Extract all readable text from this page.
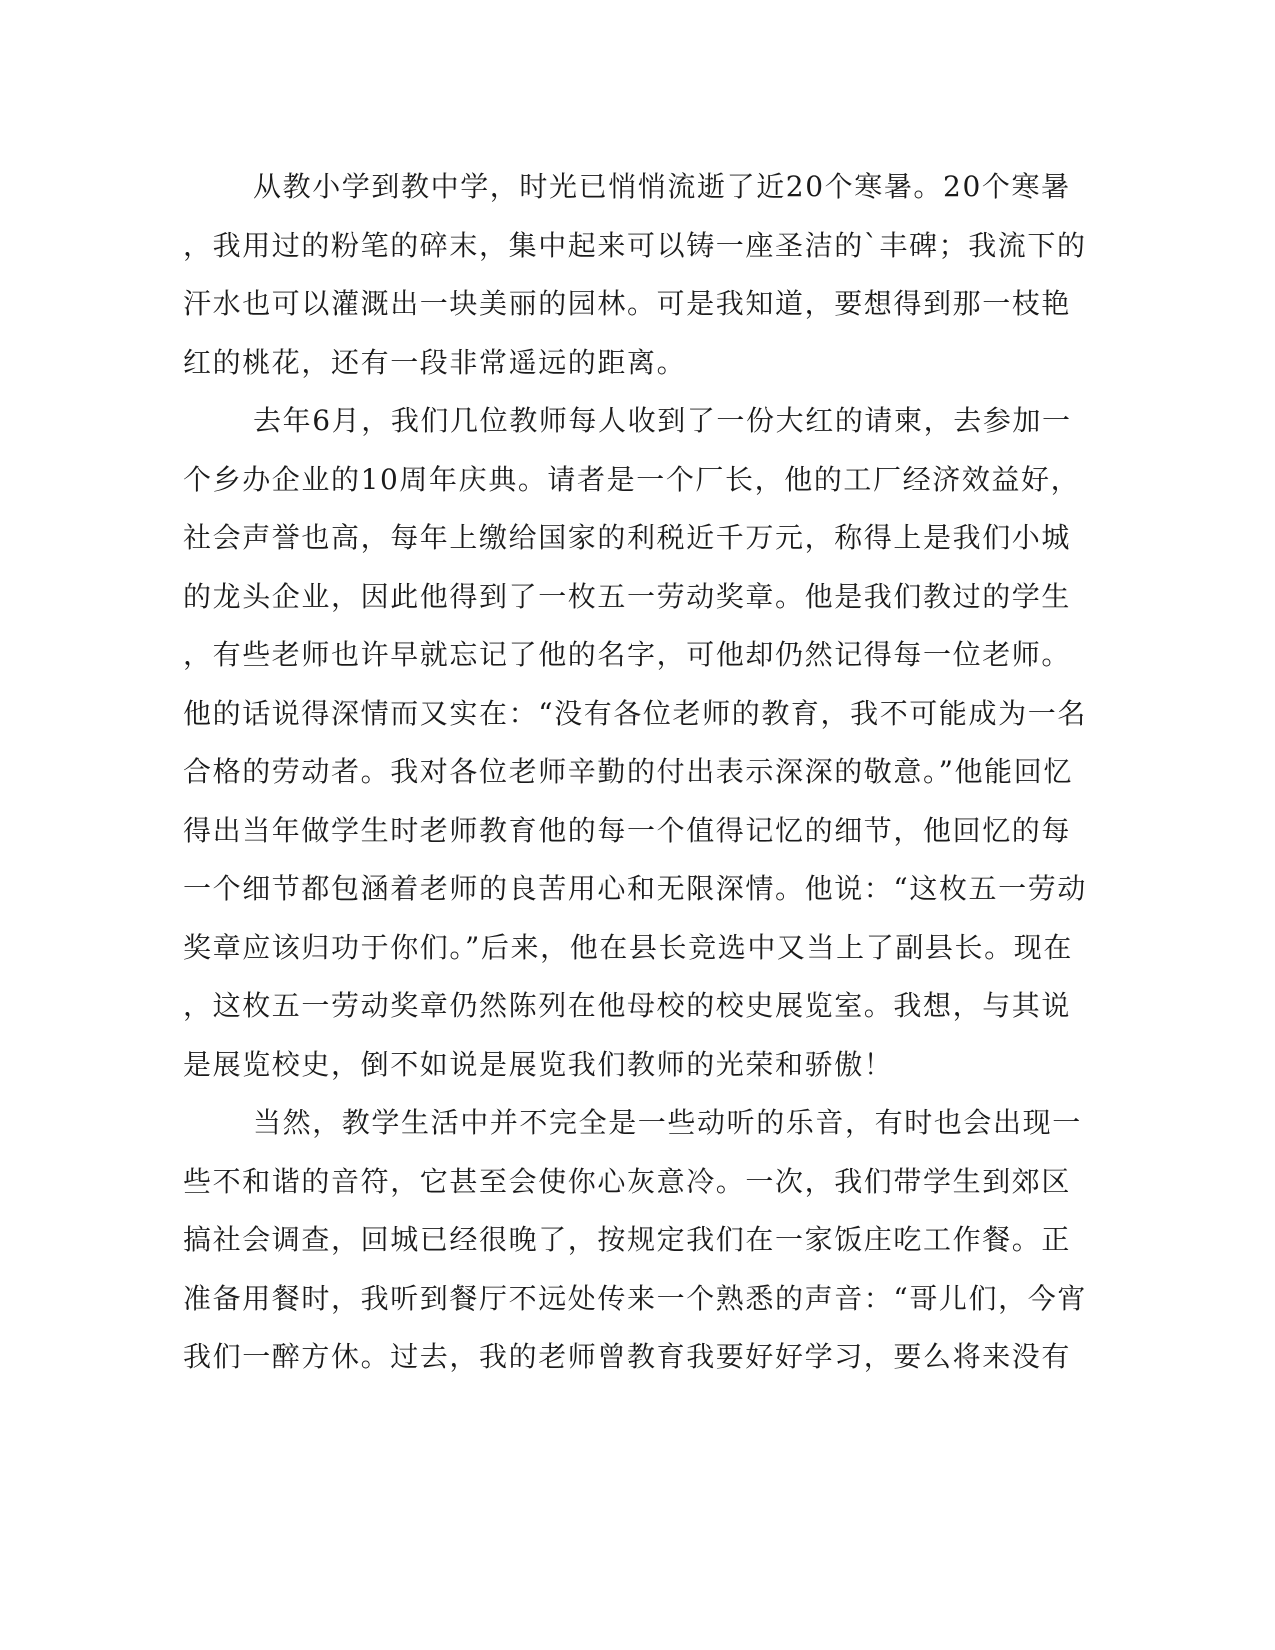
从教小学到教中学，时光已悄悄流逝了近20个寒暑。20个寒暑
，我用过的粉笔的碎末，集中起来可以铸一座圣洁的`丰碑；我流下的
汗水也可以灌溉出一块美丽的园林。可是我知道，要想得到那一枝艳
红的桃花，还有一段非常遥远的距离。
去年6月，我们几位教师每人收到了一份大红的请柬，去参加一
个乡办企业的10周年庆典。请者是一个厂长，他的工厂经济效益好，
社会声誉也高，每年上缴给国家的利税近千万元，称得上是我们小城
的龙头企业，因此他得到了一枚五一劳动奖章。他是我们教过的学生
，有些老师也许早就忘记了他的名字，可他却仍然记得每一位老师。
他的话说得深情而又实在：“没有各位老师的教育，我不可能成为一名
合格的劳动者。我对各位老师辛勤的付出表示深深的敬意。”他能回忆
得出当年做学生时老师教育他的每一个值得记忆的细节，他回忆的每
一个细节都包涵着老师的良苦用心和无限深情。他说：“这枚五一劳动
奖章应该归功于你们。”后来，他在县长竞选中又当上了副县长。现在
，这枚五一劳动奖章仍然陈列在他母校的校史展览室。我想，与其说
是展览校史，倒不如说是展览我们教师的光荣和骄傲！
当然，教学生活中并不完全是一些动听的乐音，有时也会出现一
些不和谐的音符，它甚至会使你心灰意冷。一次，我们带学生到郊区
搞社会调查，回城已经很晚了，按规定我们在一家饭庄吃工作餐。正
准备用餐时，我听到餐厅不远处传来一个熟悉的声音：“哥儿们，今宵
我们一醉方休。过去，我的老师曾教育我要好好学习，要么将来没有
